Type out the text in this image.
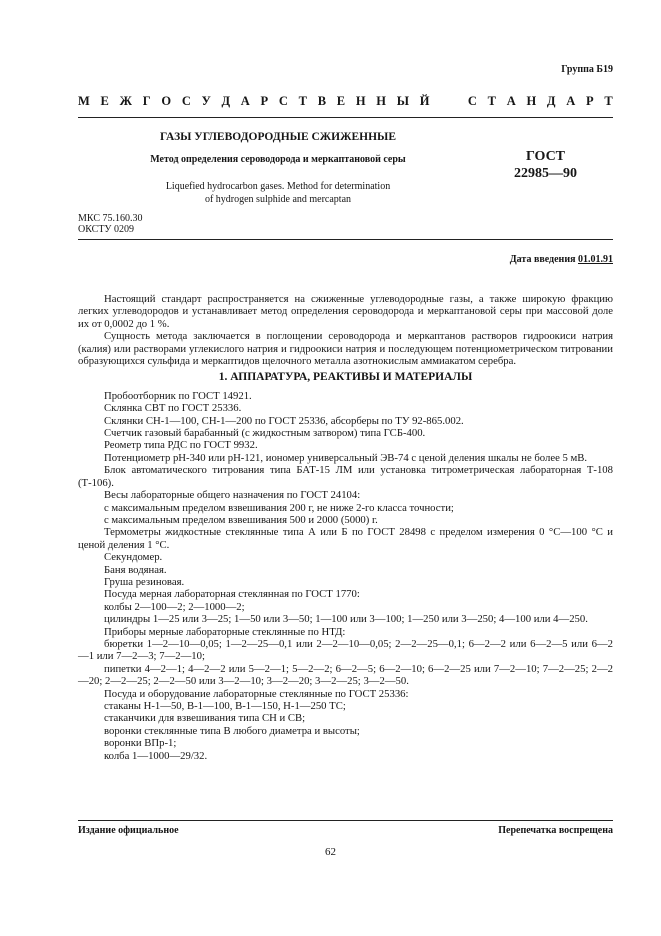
Группа Б19
М Е Ж Г О С У Д А Р С Т В Е Н Н Ы Й

	С Т А Н Д А Р Т
ГАЗЫ УГЛЕВОДОРОДНЫЕ СЖИЖЕННЫЕ
Метод определения сероводорода и меркаптановой серы
Liquefied hydrocarbon gases. Method for determination
of hydrogen sulphide and mercaptan
ГОСТ
22985—90
МКС 75.160.30
ОКСТУ 0209
Дата введения 01.01.91

Настоящий стандарт распространяется на сжиженные углеводородные газы, а также широкую фракцию легких углеводородов и устанавливает метод определения сероводорода и меркаптановой серы при массовой доле их от 0,0002 до 1 %.

Сущность метода заключается в поглощении сероводорода и меркаптанов растворов гидроокиси натрия (калия) или растворами углекислого натрия и гидроокиси натрия и последующем потенциометрическом титровании образующихся сульфида и меркаптидов щелочного металла азотнокислым аммиакатом серебра.

1. АППАРАТУРА, РЕАКТИВЫ И МАТЕРИАЛЫ

Пробоотборник по ГОСТ 14921.

Склянка СВТ по ГОСТ 25336.

Склянки СН-1—100, СН-1—200 по ГОСТ 25336, абсорберы по ТУ 92-865.002.

Счетчик газовый барабанный (с жидкостным затвором) типа ГСБ-400.

Реометр типа РДС по ГОСТ 9932.

Потенциометр pH-340 или pH-121, иономер универсальный ЭВ-74 с ценой деления шкалы не более 5 мВ.

Блок автоматического титрования типа БАТ-15 ЛМ или установка титрометрическая лабораторная Т-108 (Т-106).

Весы лабораторные общего назначения по ГОСТ 24104:

с максимальным пределом взвешивания 200 г, не ниже 2-го класса точности;

с максимальным пределом взвешивания 500 и 2000 (5000) г.

Термометры жидкостные стеклянные типа А или Б по ГОСТ 28498 с пределом измерения 0 °С—100 °С и ценой деления 1 °С.

Секундомер.

Баня водяная.

Груша резиновая.

Посуда мерная лабораторная стеклянная по ГОСТ 1770:

колбы 2—100—2; 2—1000—2;

цилиндры 1—25 или 3—25; 1—50 или 3—50; 1—100 или 3—100; 1—250 или 3—250; 4—100 или 4—250.

Приборы мерные лабораторные стеклянные по НТД:

бюретки 1—2—10—0,05; 1—2—25—0,1 или 2—2—10—0,05; 2—2—25—0,1; 6—2—2 или 6—2—5 или 6—2—1 или 7—2—3; 7—2—10;

пипетки 4—2—1; 4—2—2 или 5—2—1; 5—2—2; 6—2—5; 6—2—10; 6—2—25 или 7—2—10; 7—2—25; 2—2—20; 2—2—25; 2—2—50 или 3—2—10; 3—2—20; 3—2—25; 3—2—50.

Посуда и оборудование лабораторные стеклянные по ГОСТ 25336:

стаканы Н-1—50, В-1—100, В-1—150, Н-1—250 ТС;

стаканчики для взвешивания типа СН и СВ;

воронки стеклянные типа В любого диаметра и высоты;

воронки ВПр-1;

колба 1—1000—29/32.

Издание официальное	Перепечатка воспрещена
62
